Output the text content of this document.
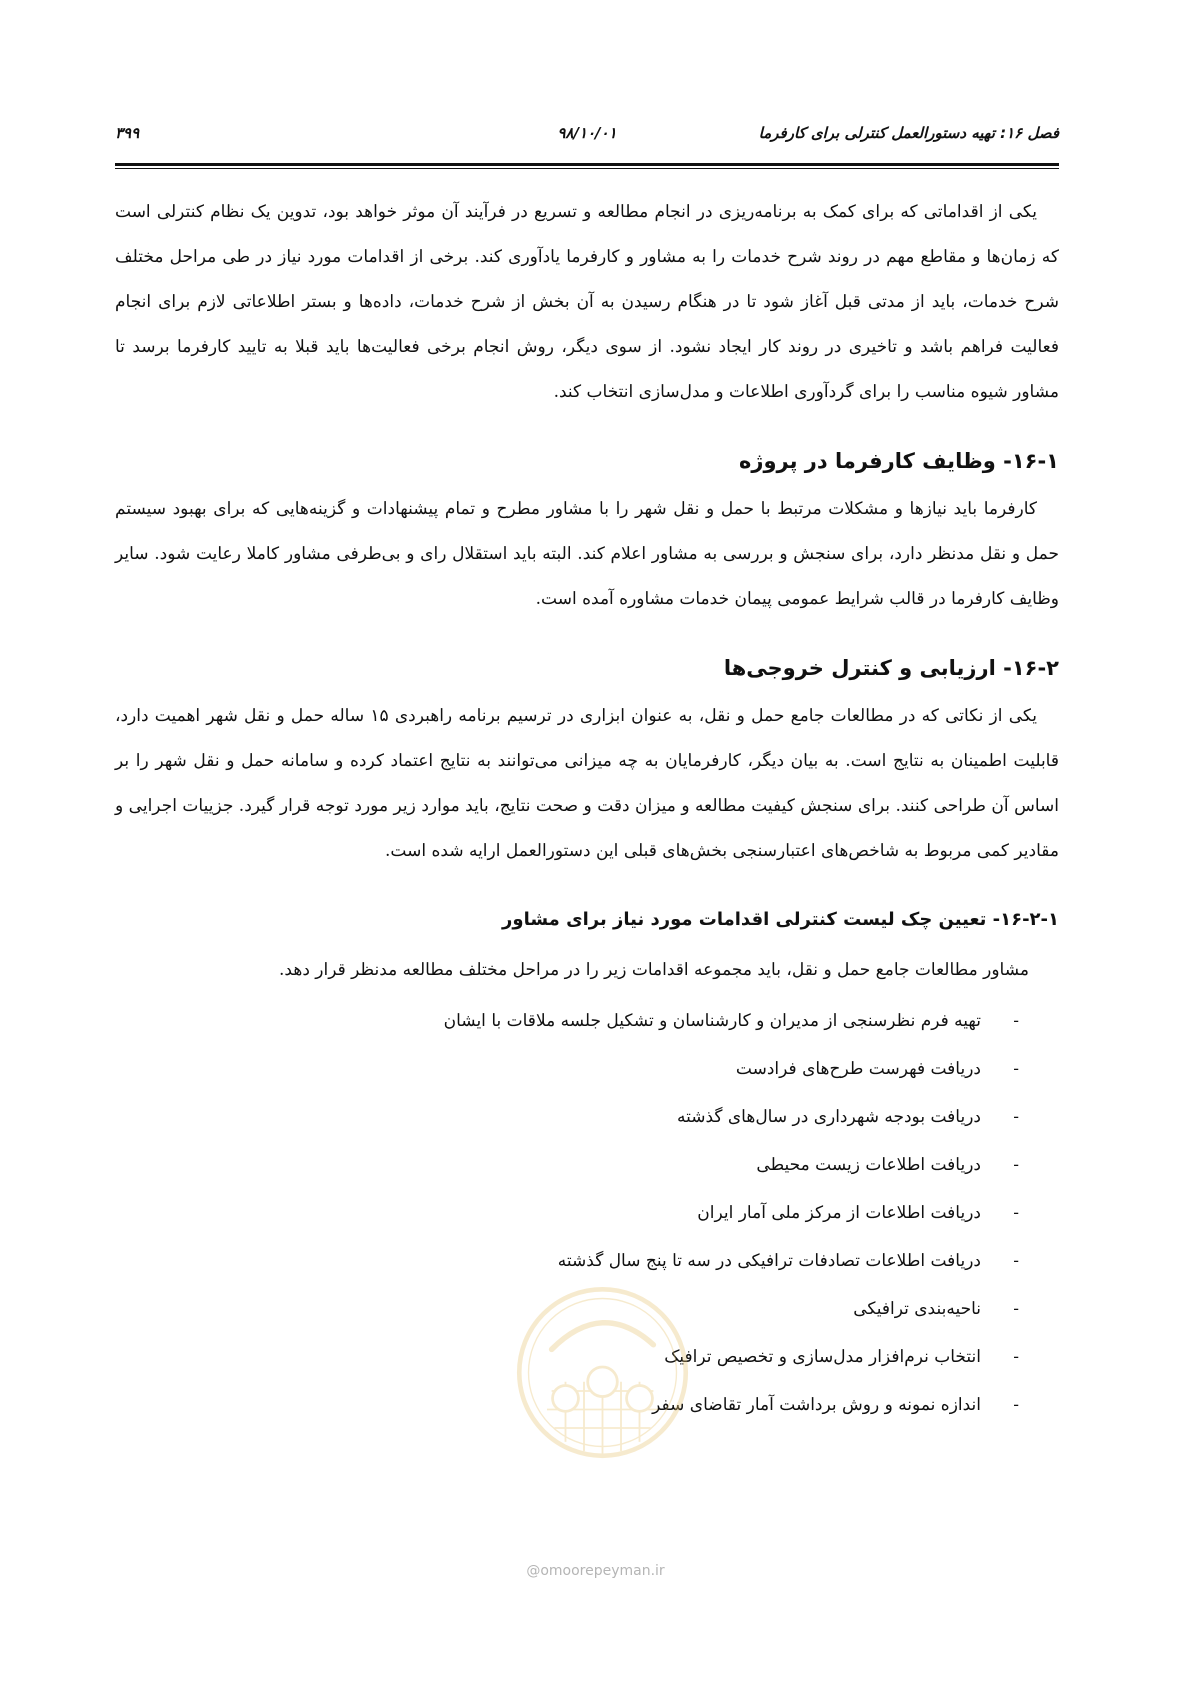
فصل ۱۶: تهیه دستورالعمل کنترلی برای کارفرما
۹۸/۱۰/۰۱
۳۹۹

یکی از اقداماتی که برای کمک به برنامه‌ریزی در انجام مطالعه و تسریع در فرآیند آن موثر خواهد بود، تدوین یک نظام کنترلی است که زمان‌ها و مقاطع مهم در روند شرح خدمات را به مشاور و کارفرما یادآوری کند. برخی از اقدامات مورد نیاز در طی مراحل مختلف شرح خدمات، باید از مدتی قبل آغاز شود تا در هنگام رسیدن به آن بخش از شرح خدمات، داده‌ها و بستر اطلاعاتی لازم برای انجام فعالیت فراهم باشد و تاخیری در روند کار ایجاد نشود. از سوی دیگر، روش انجام برخی فعالیت‌ها باید قبلا به تایید کارفرما برسد تا مشاور شیوه مناسب را برای گردآوری اطلاعات و مدل‌سازی انتخاب کند.

۱۶-۱- وظایف کارفرما در پروژه

کارفرما باید نیازها و مشکلات مرتبط با حمل و نقل شهر را با مشاور مطرح و تمام پیشنهادات و گزینه‌هایی که برای بهبود سیستم حمل و نقل مدنظر دارد، برای سنجش و بررسی به مشاور اعلام کند. البته باید استقلال رای و بی‌طرفی مشاور کاملا رعایت شود. سایر وظایف کارفرما در قالب شرایط عمومی پیمان خدمات مشاوره آمده است.

۱۶-۲- ارزیابی و کنترل خروجی‌ها

یکی از نکاتی که در مطالعات جامع حمل و نقل، به عنوان ابزاری در ترسیم برنامه راهبردی ۱۵ ساله حمل و نقل شهر اهمیت دارد، قابلیت اطمینان به نتایج است. به بیان دیگر، کارفرمایان به چه میزانی می‌توانند به نتایج اعتماد کرده و سامانه حمل و نقل شهر را بر اساس آن طراحی کنند. برای سنجش کیفیت مطالعه و میزان دقت و صحت نتایج، باید موارد زیر مورد توجه قرار گیرد. جزییات اجرایی و مقادیر کمی مربوط به شاخص‌های اعتبارسنجی بخش‌های قبلی این دستورالعمل ارایه شده است.

۱۶-۲-۱- تعیین چک لیست کنترلی اقدامات مورد نیاز برای مشاور

مشاور مطالعات جامع حمل و نقل، باید مجموعه اقدامات زیر را در مراحل مختلف مطالعه مدنظر قرار دهد.

-تهیه فرم نظرسنجی از مدیران و کارشناسان و تشکیل جلسه ملاقات با ایشان
-دریافت فهرست طرح‌های فرادست
-دریافت بودجه شهرداری در سال‌های گذشته
-دریافت اطلاعات زیست محیطی
-دریافت اطلاعات از مرکز ملی آمار ایران
-دریافت اطلاعات تصادفات ترافیکی در سه تا پنج سال گذشته
-ناحیه‌بندی ترافیکی
-انتخاب نرم‌افزار مدل‌سازی و تخصیص ترافیک
-اندازه نمونه و روش برداشت آمار تقاضای سفر
@omoorepeyman.ir
